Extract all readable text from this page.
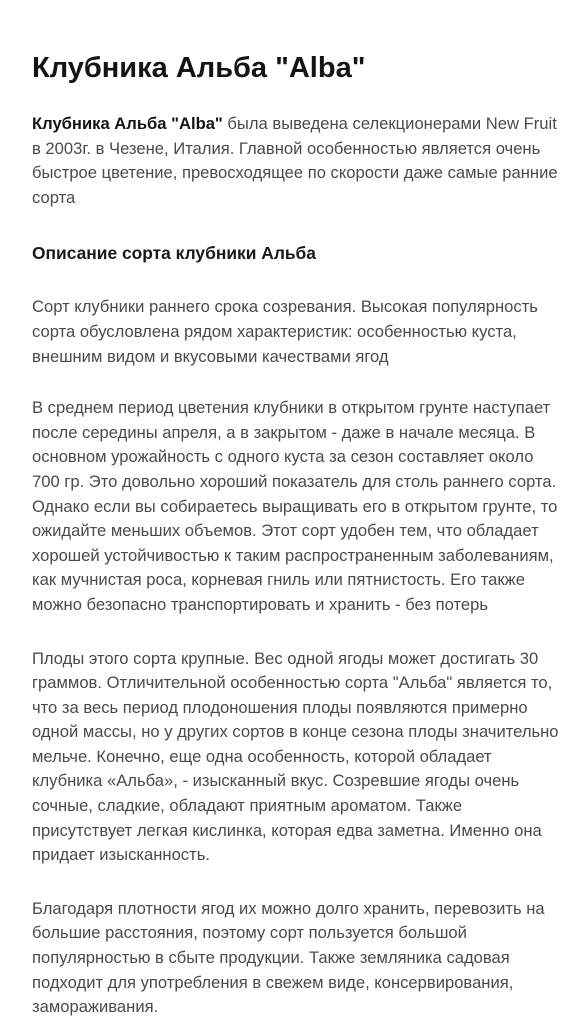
Клубника Альба "Alba"

Клубника Альба "Alba" была выведена селекционерами New Fruit в 2003г. в Чезене, Италия. Главной особенностью является очень быстрое цветение, превосходящее по скорости даже самые ранние сорта

Описание сорта клубники Альба

Сорт клубники раннего срока созревания. Высокая популярность сорта обусловлена рядом характеристик: особенностью куста, внешним видом и вкусовыми качествами ягод

В среднем период цветения клубники в открытом грунте наступает после середины апреля, а в закрытом - даже в начале месяца. В основном урожайность с одного куста за сезон составляет около 700 гр. Это довольно хороший показатель для столь раннего сорта. Однако если вы собираетесь выращивать его в открытом грунте, то ожидайте меньших объемов. Этот сорт удобен тем, что обладает хорошей устойчивостью к таким распространенным заболеваниям, как мучнистая роса, корневая гниль или пятнистость. Его также можно безопасно транспортировать и хранить - без потерь

Плоды этого сорта крупные. Вес одной ягоды может достигать 30 граммов. Отличительной особенностью сорта "Альба" является то, что за весь период плодоношения плоды появляются примерно одной массы, но у других сортов в конце сезона плоды значительно мельче. Конечно, еще одна особенность, которой обладает клубника «Альба», - изысканный вкус. Созревшие ягоды очень сочные, сладкие, обладают приятным ароматом. Также присутствует легкая кислинка, которая едва заметна. Именно она придает изысканность.

Благодаря плотности ягод их можно долго хранить, перевозить на большие расстояния, поэтому сорт пользуется большой популярностью в сбыте продукции. Также земляника садовая подходит для употребления в свежем виде, консервирования, замораживания.
